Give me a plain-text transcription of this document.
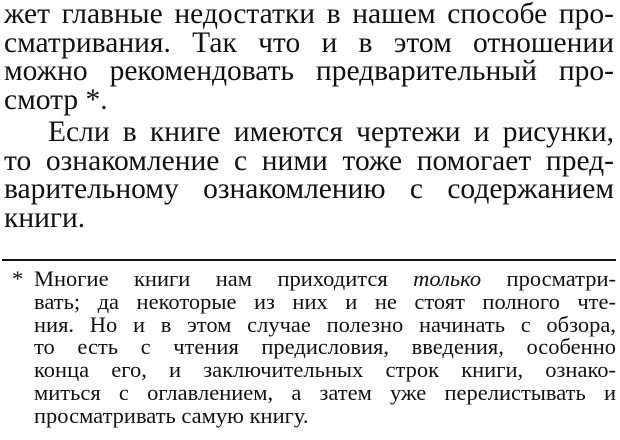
жет главные недостатки в нашем способе про-
сматривания. Так что и в этом отношении
можно рекомендовать предварительный про-
смотр *.
Если в книге имеются чертежи и рисунки,
то ознакомление с ними тоже помогает пред-
варительному ознакомлению с содержанием
книги.
* Многие книги нам приходится только просматри-
вать; да некоторые из них и не стоят полного чте-
ния. Но и в этом случае полезно начинать с обзора,
то есть с чтения предисловия, введения, особенно
конца его, и заключительных строк книги, ознако-
миться с оглавлением, а затем уже перелистывать и
просматривать самую книгу.
